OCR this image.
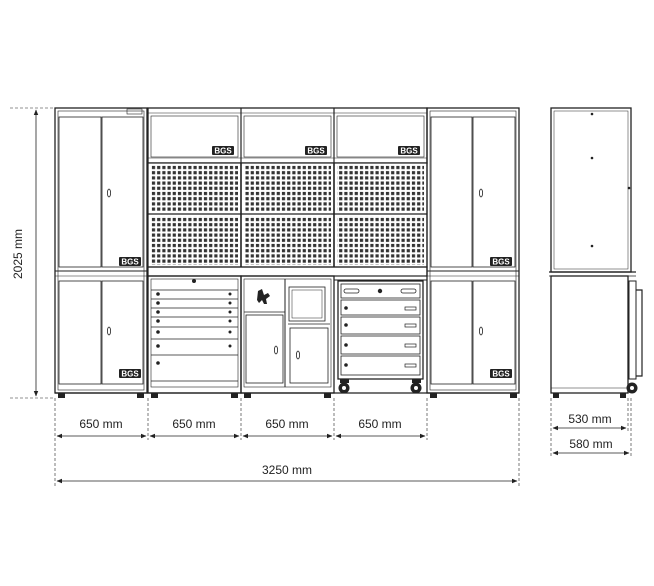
BGS	BGS	BGS
BGS	BGS
BGS	BGS
2025 mm
650 mm	650 mm	650 mm	650 mm
3250 mm
530 mm
580 mm
